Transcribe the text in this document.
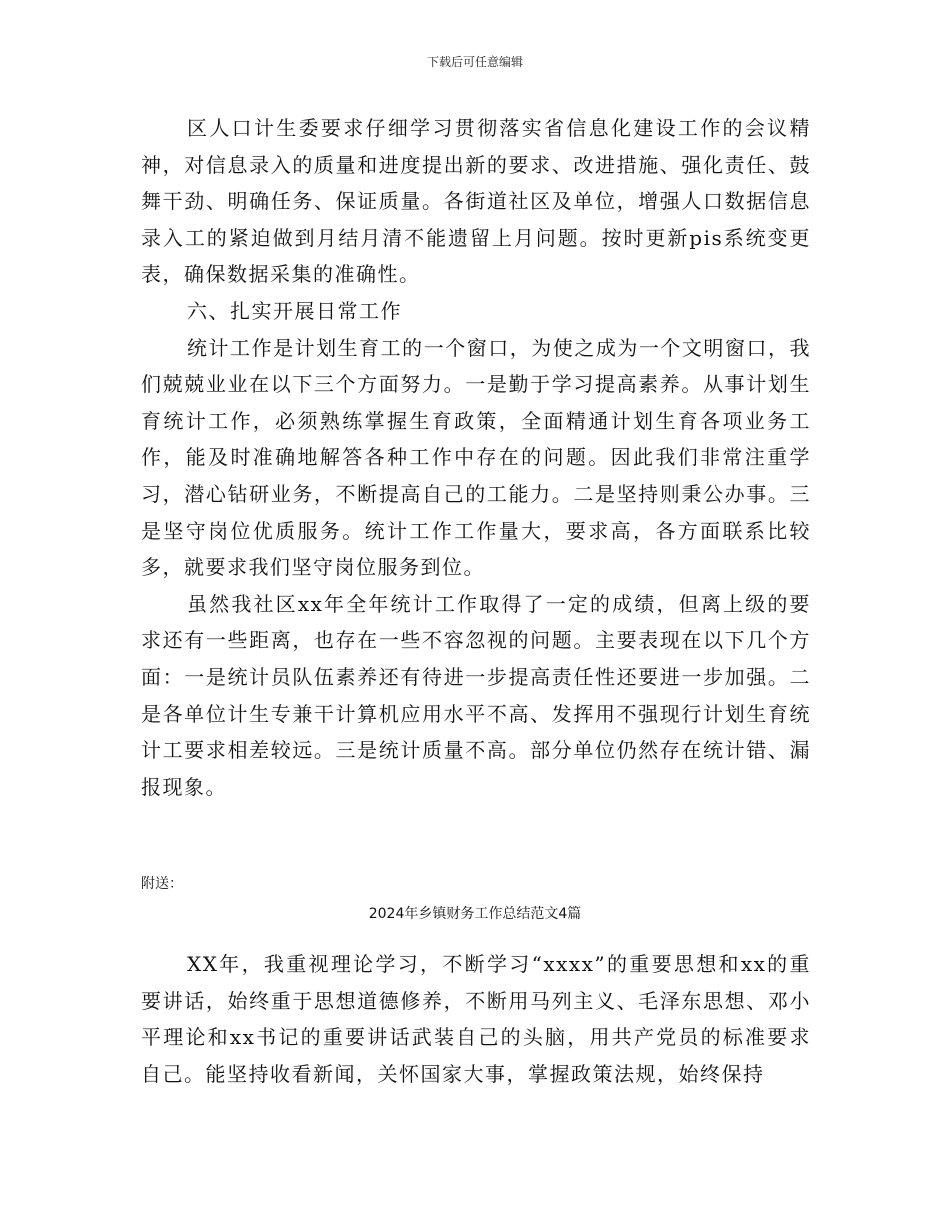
下载后可任意编辑

区人口计生委要求仔细学习贯彻落实省信息化建设工作的会议精神，对信息录入的质量和进度提出新的要求、改进措施、强化责任、鼓舞干劲、明确任务、保证质量。各街道社区及单位，增强人口数据信息录入工的紧迫做到月结月清不能遗留上月问题。按时更新pis系统变更表，确保数据采集的准确性。

六、扎实开展日常工作

统计工作是计划生育工的一个窗口，为使之成为一个文明窗口，我们兢兢业业在以下三个方面努力。一是勤于学习提高素养。从事计划生育统计工作，必须熟练掌握生育政策，全面精通计划生育各项业务工作，能及时准确地解答各种工作中存在的问题。因此我们非常注重学习，潜心钻研业务，不断提高自己的工能力。二是坚持则秉公办事。三是坚守岗位优质服务。统计工作工作量大，要求高，各方面联系比较多，就要求我们坚守岗位服务到位。

虽然我社区xx年全年统计工作取得了一定的成绩，但离上级的要求还有一些距离，也存在一些不容忽视的问题。主要表现在以下几个方面：一是统计员队伍素养还有待进一步提高责任性还要进一步加强。二是各单位计生专兼干计算机应用水平不高、发挥用不强现行计划生育统计工要求相差较远。三是统计质量不高。部分单位仍然存在统计错、漏报现象。

附送：
2024年乡镇财务工作总结范文4篇

XX年，我重视理论学习，不断学习“xxxx”的重要思想和xx的重要讲话，始终重于思想道德修养，不断用马列主义、毛泽东思想、邓小平理论和xx书记的重要讲话武装自己的头脑，用共产党员的标准要求自己。能坚持收看新闻，关怀国家大事，掌握政策法规，始终保持
